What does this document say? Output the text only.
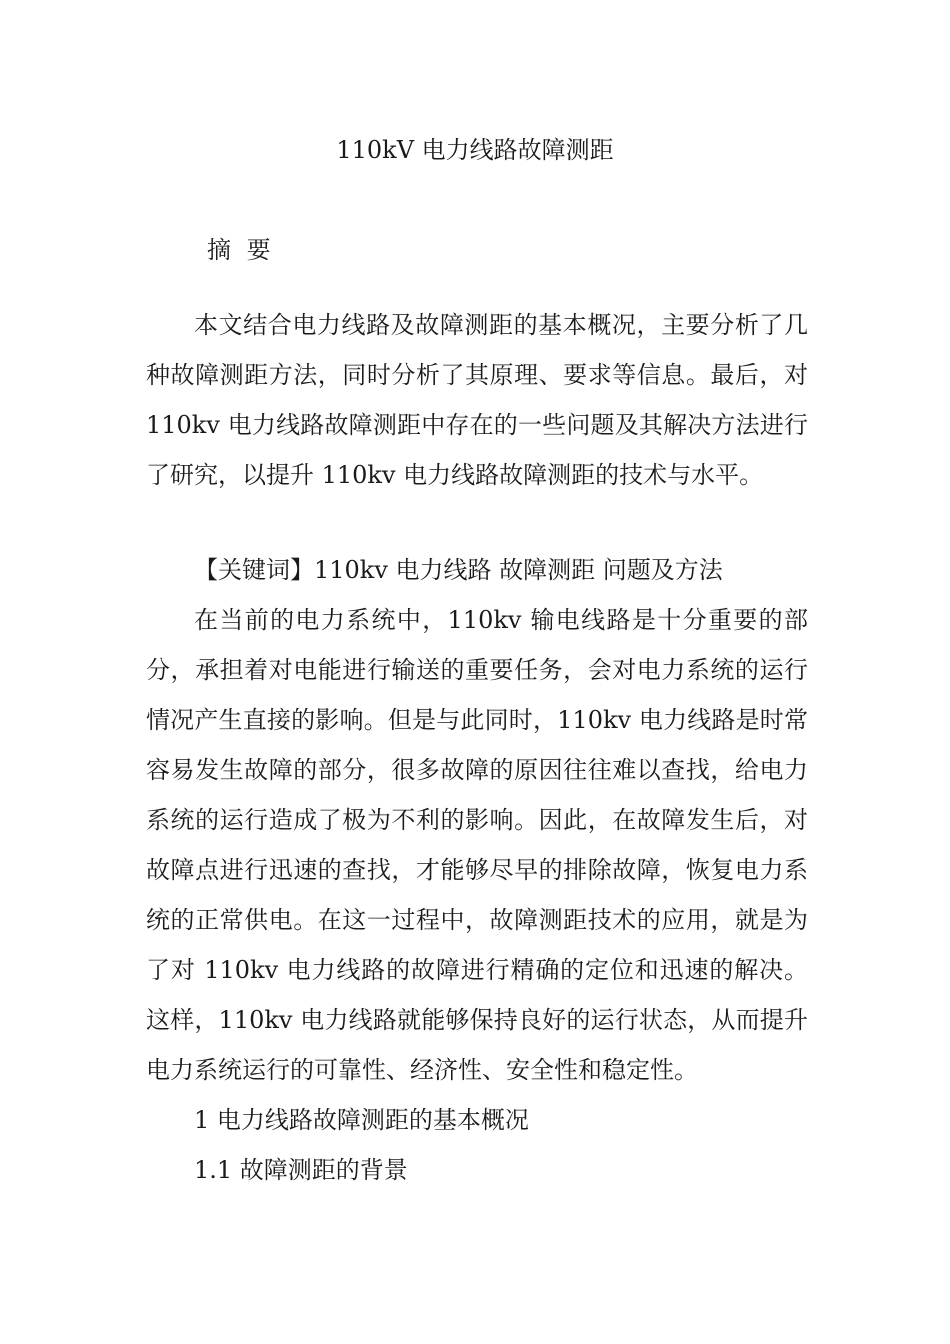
110kV 电力线路故障测距
摘 要

本文结合电力线路及故障测距的基本概况，主要分析了几种故障测距方法，同时分析了其原理、要求等信息。最后，对 110kv 电力线路故障测距中存在的一些问题及其解决方法进行了研究，以提升 110kv 电力线路故障测距的技术与水平。

【关键词】110kv 电力线路 故障测距 问题及方法

在当前的电力系统中，110kv 输电线路是十分重要的部分，承担着对电能进行输送的重要任务，会对电力系统的运行情况产生直接的影响。但是与此同时，110kv 电力线路是时常容易发生故障的部分，很多故障的原因往往难以查找，给电力系统的运行造成了极为不利的影响。因此，在故障发生后，对故障点进行迅速的查找，才能够尽早的排除故障，恢复电力系统的正常供电。在这一过程中，故障测距技术的应用，就是为了对 110kv 电力线路的故障进行精确的定位和迅速的解决。这样，110kv 电力线路就能够保持良好的运行状态，从而提升电力系统运行的可靠性、经济性、安全性和稳定性。

1 电力线路故障测距的基本概况

1.1 故障测距的背景
